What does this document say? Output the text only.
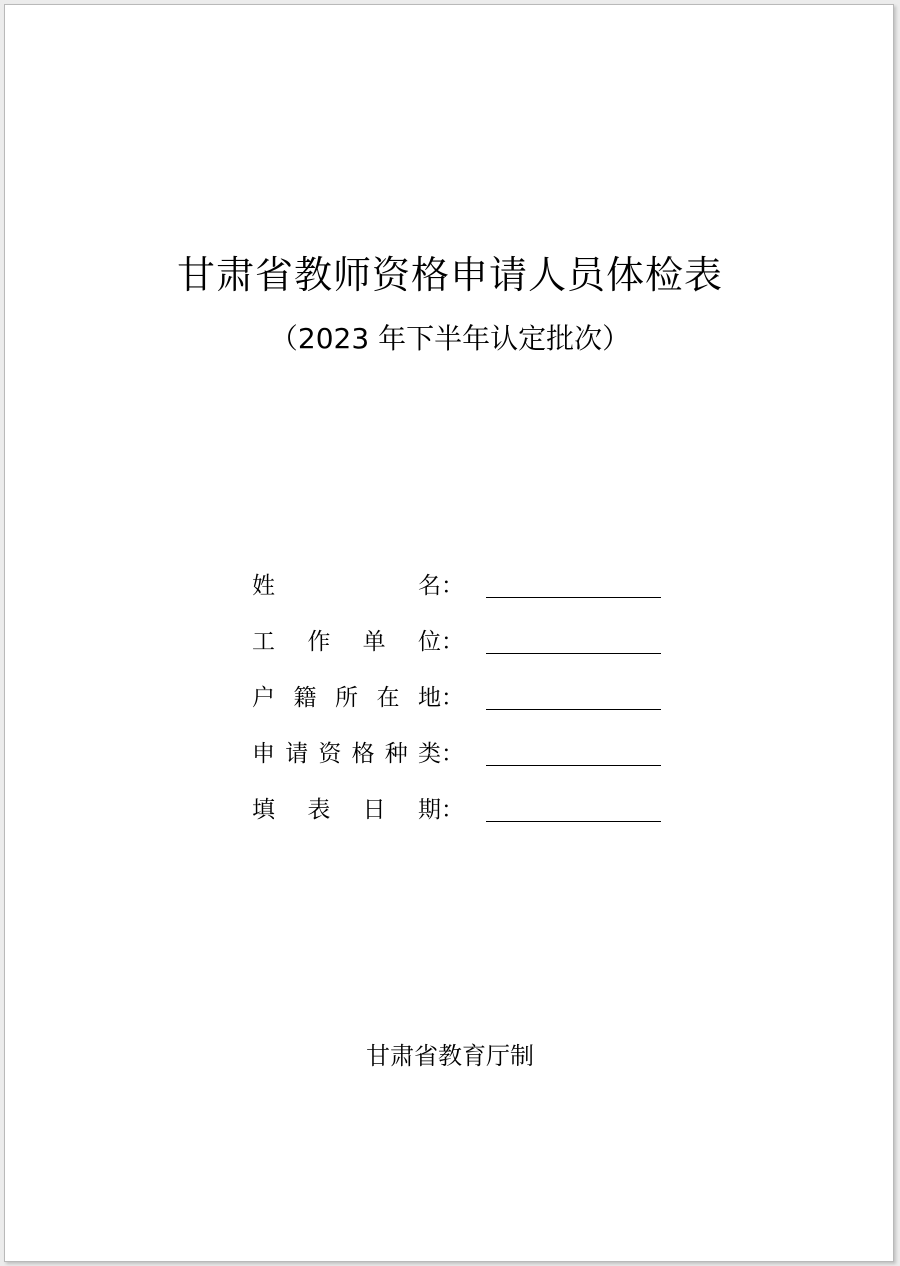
甘肃省教师资格申请人员体检表
（2023 年下半年认定批次）
姓	名：
工 作 单 位：
户 籍 所 在 地：
申 请 资 格 种 类：
填 表 日 期：
甘肃省教育厅制
